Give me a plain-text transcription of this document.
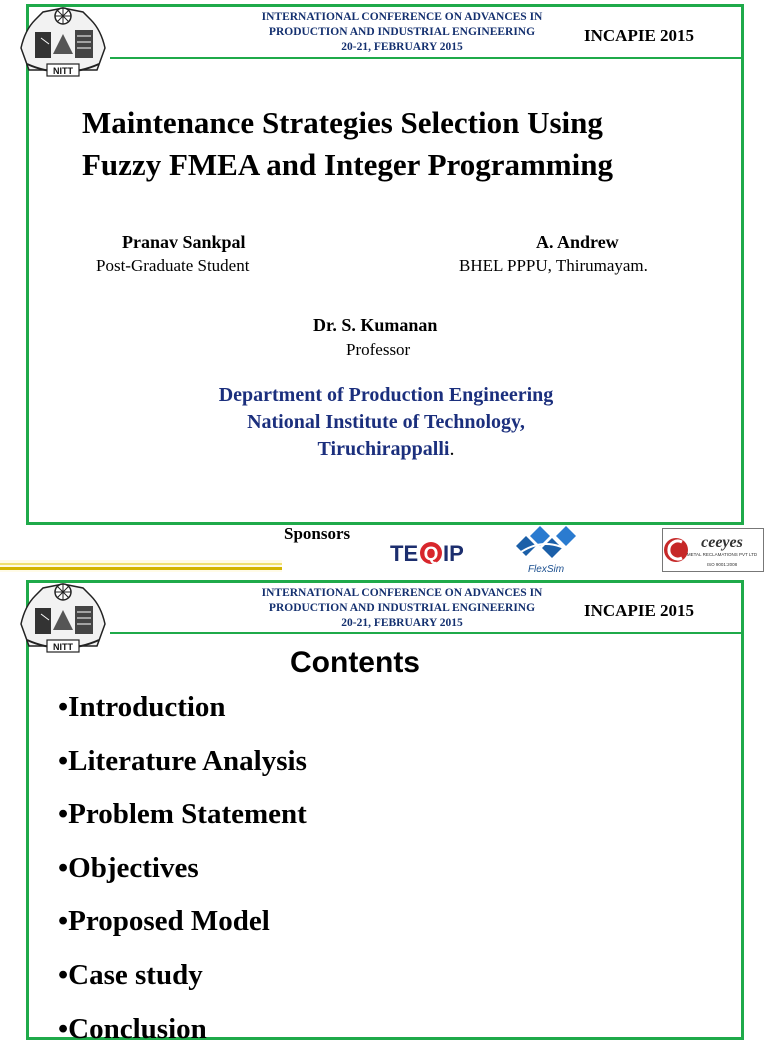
NITT
INTERNATIONAL CONFERENCE ON ADVANCES IN
PRODUCTION AND INDUSTRIAL ENGINEERING
20-21, FEBRUARY 2015
INCAPIE 2015
Maintenance Strategies Selection Using
Fuzzy FMEA and Integer Programming
Pranav Sankpal
Post-Graduate Student
A. Andrew
BHEL PPPU, Thirumayam.
Dr. S. Kumanan
Professor
Department of Production Engineering
National Institute of Technology,
Tiruchirappalli.
Sponsors
TE Q IP
FlexSim
ceeyes
METAL RECLAMATIONS PVT LTD
ISO 9001:2008
NITT
INTERNATIONAL CONFERENCE ON ADVANCES IN
PRODUCTION AND INDUSTRIAL ENGINEERING
20-21, FEBRUARY 2015
INCAPIE 2015
Contents
•Introduction
•Literature Analysis
•Problem Statement
•Objectives
•Proposed Model
•Case study
•Conclusion
